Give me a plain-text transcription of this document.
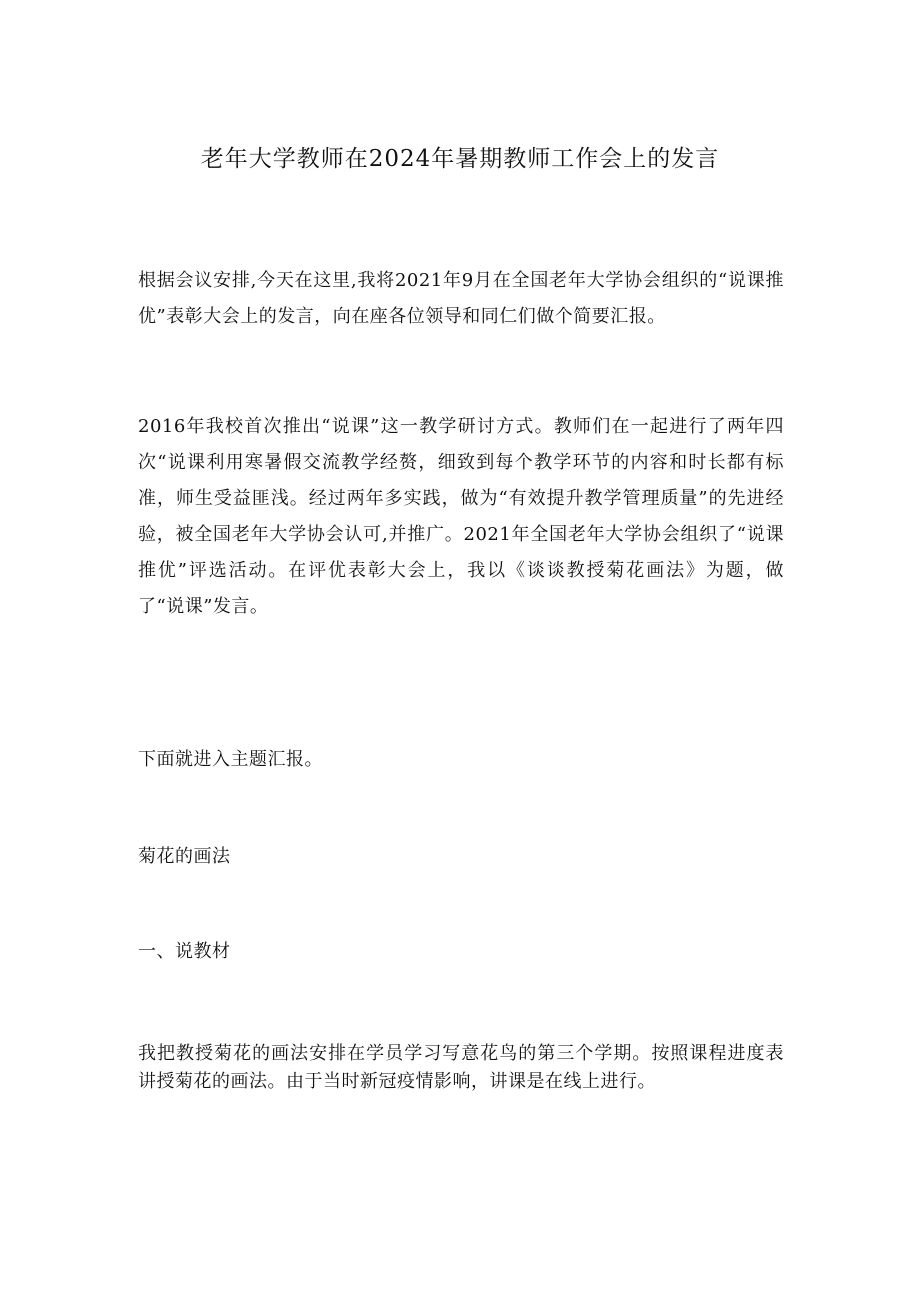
老年大学教师在2024年暑期教师工作会上的发言

根据会议安排,今天在这里,我将2021年9月在全国老年大学协会组织的“说课推优”表彰大会上的发言，向在座各位领导和同仁们做个简要汇报。

2016年我校首次推出“说课”这一教学研讨方式。教师们在一起进行了两年四次“说课利用寒暑假交流教学经赘，细致到每个教学环节的内容和时长都有标准，师生受益匪浅。经过两年多实践，做为“有效提升教学管理质量”的先进经验，被全国老年大学协会认可,并推广。2021年全国老年大学协会组织了“说课推优”评选活动。在评优表彰大会上，我以《谈谈教授菊花画法》为题，做了“说课”发言。

下面就进入主题汇报。

菊花的画法

一、说教材

我把教授菊花的画法安排在学员学习写意花鸟的第三个学期。按照课程进度表讲授菊花的画法。由于当时新冠疫情影响，讲课是在线上进行。
